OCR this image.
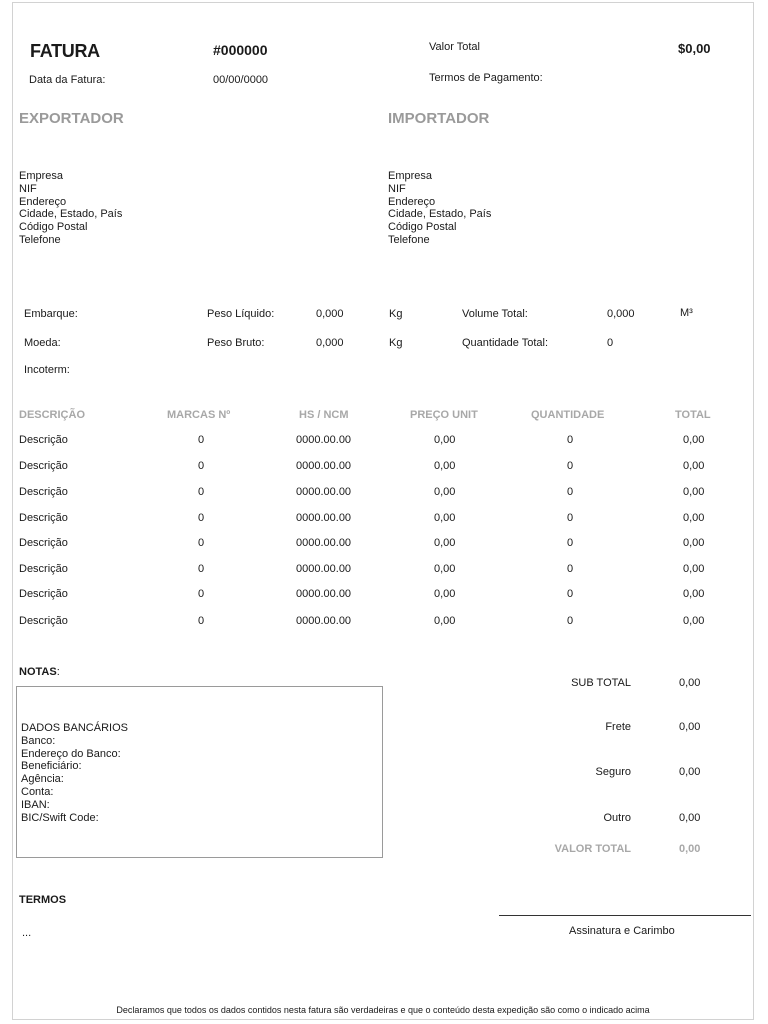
FATURA	#000000	Valor Total	$0,00
Data da Fatura:	00/00/0000	Termos de Pagamento:
EXPORTADOR	IMPORTADOR
Empresa
NIF
Endereço
Cidade, Estado, País
Código Postal
Telefone
Empresa
NIF
Endereço
Cidade, Estado, País
Código Postal
Telefone
Embarque:	Peso Líquido:	0,000	Kg	Volume Total:	0,000	M³
Moeda:	Peso Bruto:	0,000	Kg	Quantidade Total:	0
Incoterm:
DESCRIÇÃO	MARCAS Nº	HS / NCM	PREÇO UNIT	QUANTIDADE	TOTAL
Descrição	0	0000.00.00	0,00	0	0,00
Descrição	0	0000.00.00	0,00	0	0,00
Descrição	0	0000.00.00	0,00	0	0,00
Descrição	0	0000.00.00	0,00	0	0,00
Descrição	0	0000.00.00	0,00	0	0,00
Descrição	0	0000.00.00	0,00	0	0,00
Descrição	0	0000.00.00	0,00	0	0,00
Descrição	0	0000.00.00	0,00	0	0,00
NOTAS:
DADOS BANCÁRIOS
Banco:
Endereço do Banco:
Beneficiário:
Agência:
Conta:
IBAN:
BIC/Swift Code:
SUB TOTAL	0,00
Frete	0,00
Seguro	0,00
Outro	0,00
VALOR TOTAL	0,00
TERMOS
...	Assinatura e Carimbo
Declaramos que todos os dados contidos nesta fatura são verdadeiras e que o conteúdo desta expedição são como o indicado acima
